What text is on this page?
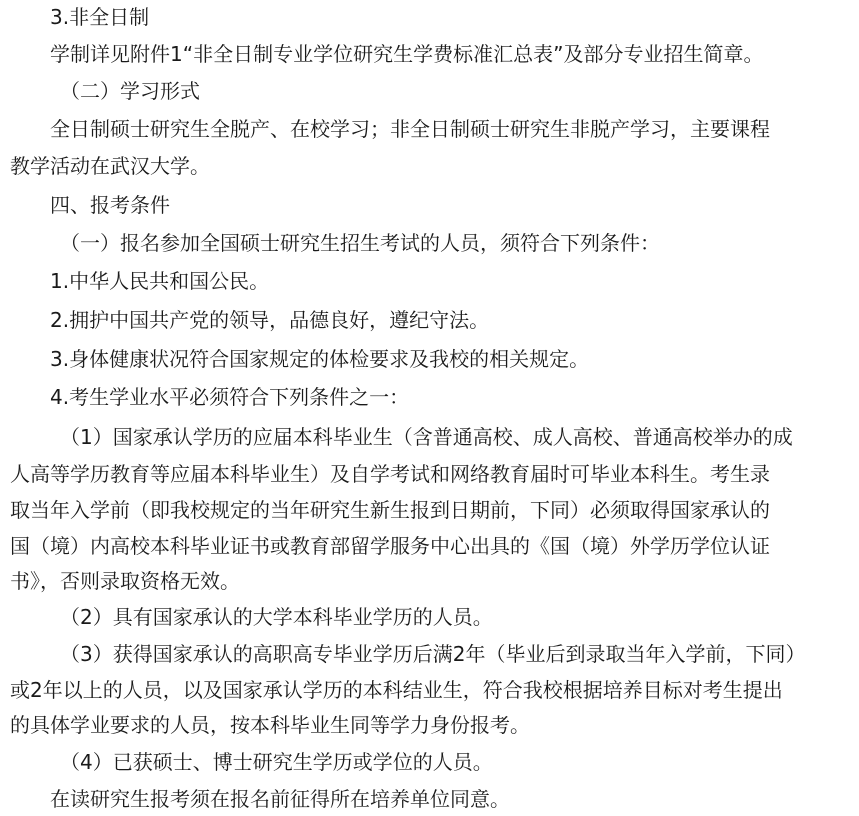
3.非全日制

学制详见附件1“非全日制专业学位研究生学费标准汇总表”及部分专业招生简章。

（二）学习形式

全日制硕士研究生全脱产、在校学习；非全日制硕士研究生非脱产学习，主要课程

教学活动在武汉大学。

四、报考条件

（一）报名参加全国硕士研究生招生考试的人员，须符合下列条件：

1.中华人民共和国公民。

2.拥护中国共产党的领导，品德良好，遵纪守法。

3.身体健康状况符合国家规定的体检要求及我校的相关规定。

4.考生学业水平必须符合下列条件之一：

（1）国家承认学历的应届本科毕业生（含普通高校、成人高校、普通高校举办的成

人高等学历教育等应届本科毕业生）及自学考试和网络教育届时可毕业本科生。考生录

取当年入学前（即我校规定的当年研究生新生报到日期前，下同）必须取得国家承认的

国（境）内高校本科毕业证书或教育部留学服务中心出具的《国（境）外学历学位认证

书》，否则录取资格无效。

（2）具有国家承认的大学本科毕业学历的人员。

（3）获得国家承认的高职高专毕业学历后满2年（毕业后到录取当年入学前，下同）

或2年以上的人员，以及国家承认学历的本科结业生，符合我校根据培养目标对考生提出

的具体学业要求的人员，按本科毕业生同等学力身份报考。

（4）已获硕士、博士研究生学历或学位的人员。

在读研究生报考须在报名前征得所在培养单位同意。
